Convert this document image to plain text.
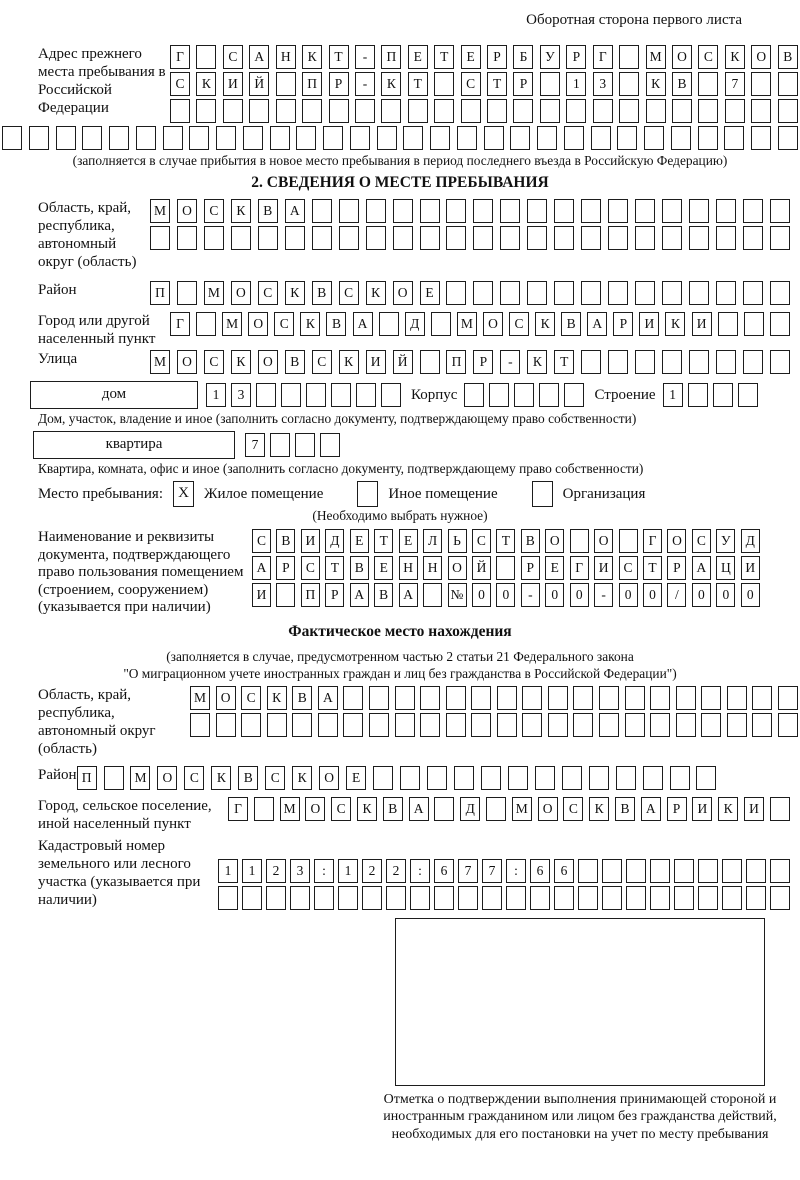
Оборотная сторона первого листа
Адрес прежнего места пребывания в Российской Федерации
Г	С	А	Н	К	Т	-	П	Е	Т	Е	Р	Б	У	Р	Г	М	О	С	К	О	В
С	К	И	Й	П	Р	-	К	Т	С	Т	Р	1	3	К	В	7
(заполняется в случае прибытия в новое место пребывания в период последнего въезда в Российскую Федерацию)
2. СВЕДЕНИЯ О МЕСТЕ ПРЕБЫВАНИЯ
Область, край, республика, автономный округ (область)
М	О	С	К	В	А
Район	П	М	О	С	К	В	С	К	О	Е
Город или другой населенный пункт
Г	М	О	С	К	В	А	Д	М	О	С	К	В	А	Р	И	К	И
Улица	М	О	С	К	О	В	С	К	И	Й	П	Р	-	К	Т
дом	1	3	Корпус	Строение	1
Дом, участок, владение и иное (заполнить согласно документу, подтверждающему право собственности)
квартира	7
Квартира, комната, офис и иное (заполнить согласно документу, подтверждающему право собственности)
Место пребывания:	X	Жилое помещение	Иное помещение	Организация
(Необходимо выбрать нужное)
Наименование и реквизиты документа, подтверждающего право пользования помещением (строением, сооружением) (указывается при наличии)
С	В	И	Д	Е	Т	Е	Л	Ь	С	Т	В	О	О	Г	О	С	У	Д
А	Р	С	Т	В	Е	Н	Н	О	Й	Р	Е	Г	И	С	Т	Р	А	Ц	И
И	П	Р	А	В	А	№	0	0	-	0	0	-	0	0	/	0	0	0
Фактическое место нахождения
(заполняется в случае, предусмотренном частью 2 статьи 21 Федерального закона
"О миграционном учете иностранных граждан и лиц без гражданства в Российской Федерации")
Область, край, республика, автономный округ (область)
М	О	С	К	В	А
Район П	М	О	С	К	В	С	К	О	Е
Город, сельское поселение, иной населенный пункт
Г	М	О	С	К	В	А	Д	М	О	С	К	В	А	Р	И	К	И
Кадастровый номер земельного или лесного участка (указывается при наличии)
1	1	2	3	:	1	2	2	:	6	7	7	:	6	6
Отметка о подтверждении выполнения принимающей стороной и иностранным гражданином или лицом без гражданства действий, необходимых для его постановки на учет по месту пребывания
